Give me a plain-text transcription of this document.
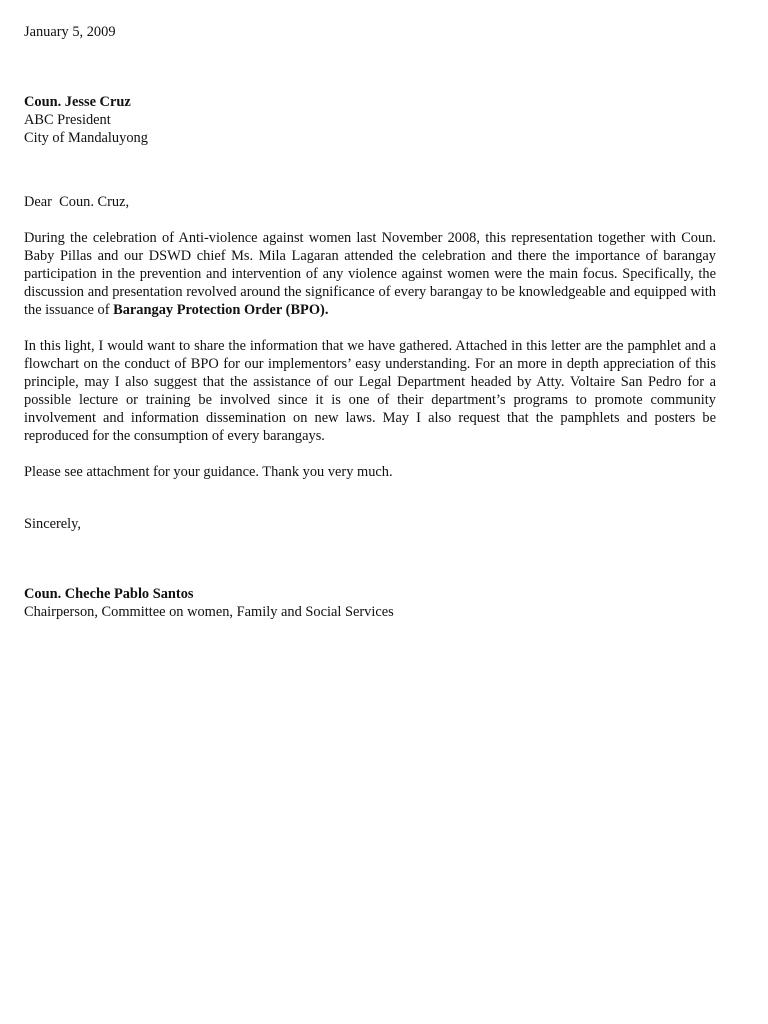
January 5, 2009
Coun. Jesse Cruz
ABC President
City of Mandaluyong
Dear  Coun. Cruz,

During the celebration of Anti-violence against women last November 2008, this representation together with Coun. Baby Pillas and our DSWD chief Ms. Mila Lagaran attended the celebration and there the importance of barangay participation in the prevention and intervention of any violence against women were the main focus. Specifically, the discussion and presentation revolved around the significance of every barangay to be knowledgeable and equipped with the issuance of Barangay Protection Order (BPO).

In this light, I would want to share the information that we have gathered. Attached in this letter are the pamphlet and a flowchart on the conduct of BPO for our implementors’ easy understanding. For an more in depth appreciation of this principle, may I also suggest that the assistance of our Legal Department headed by Atty. Voltaire San Pedro for a possible lecture or training be involved since it is one of their department’s programs to promote community involvement and information dissemination on new laws. May I also request that the pamphlets and posters be reproduced for the consumption of every barangays.

Please see attachment for your guidance. Thank you very much.

Sincerely,
Coun. Cheche Pablo Santos
Chairperson, Committee on women, Family and Social Services
